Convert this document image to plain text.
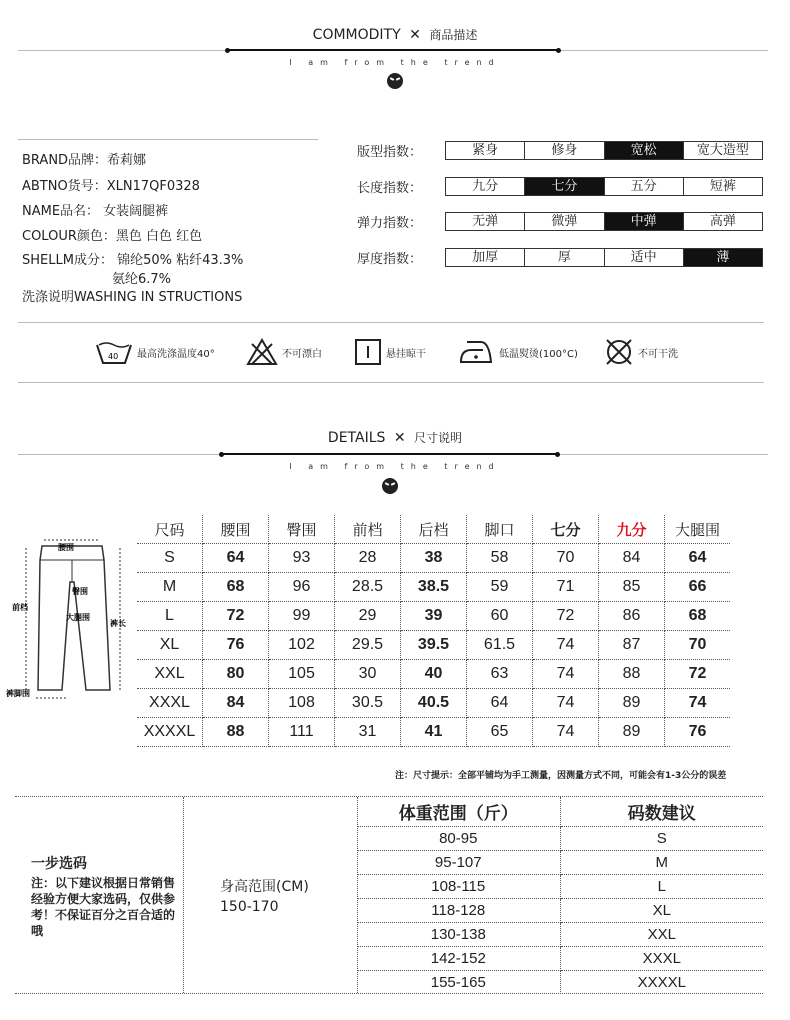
COMMODITY ✕ 商品描述
I am from the trend
BRAND品牌：希莉娜
ABTNO货号：XLN17QF0328
NAME品名： 女装阔腿裤
COLOUR颜色：黑色 白色 红色
SHELLM成分： 锦纶50% 粘纤43.3%
氨纶6.7%
洗涤说明WASHING IN STRUCTIONS
版型指数：	紧身	修身	宽松	宽大造型
长度指数：	九分	七分	五分	短裤
弹力指数：	无弹	微弹	中弹	高弹
厚度指数：	加厚	厚	适中	薄
40 最高洗涤温度40°	不可漂白	悬挂晾干	低温熨烫(100°C)	不可干洗
DETAILS ✕ 尺寸说明
I am from the trend
腰围
前档
臀围
大腿围
裤长
裤脚围
尺码	腰围	臀围	前档	后档	脚口	七分	九分	大腿围
S	64	93	28	38	58	70	84	64
M	68	96	28.5	38.5	59	71	85	66
L	72	99	29	39	60	72	86	68
XL	76	102	29.5	39.5	61.5	74	87	70
XXL	80	105	30	40	63	74	88	72
XXXL	84	108	30.5	40.5	64	74	89	74
XXXXL	88	111	31	41	65	74	89	76
注：尺寸提示：全部平铺均为手工测量，因测量方式不同，可能会有1-3公分的误差
一步选码
注：以下建议根据日常销售经验方便大家选码，仅供参考！不保证百分之百合适的哦
身高范围(CM)
150-170
体重范围（斤）	码数建议
80-95	S
95-107	M
108-115	L
118-128	XL
130-138	XXL
142-152	XXXL
155-165	XXXXL
